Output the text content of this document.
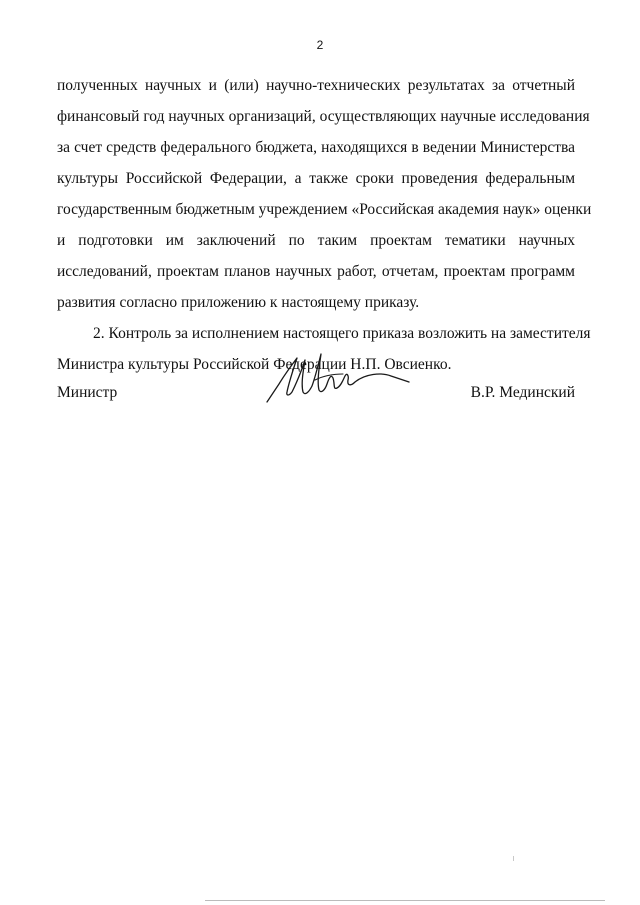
2
полученных научных и (или) научно-технических результатах за отчетный
финансовый год научных организаций, осуществляющих научные исследования
за счет средств федерального бюджета, находящихся в ведении Министерства
культуры Российской Федерации, а также сроки проведения федеральным
государственным бюджетным учреждением «Российская академия наук» оценки
и подготовки им заключений по таким проектам тематики научных
исследований, проектам планов научных работ, отчетам, проектам программ
развития согласно приложению к настоящему приказу.
2. Контроль за исполнением настоящего приказа возложить на заместителя
Министра культуры Российской Федерации Н.П. Овсиенко.
Министр	В.Р. Мединский
